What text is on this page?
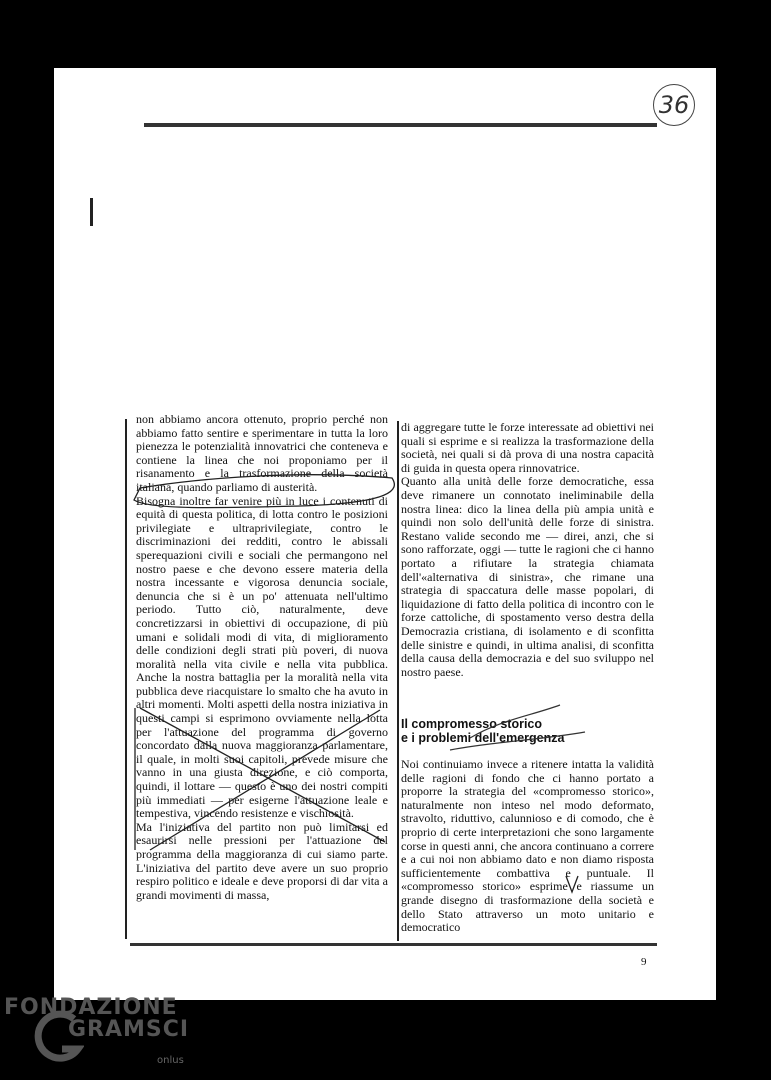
36

non abbiamo ancora ottenuto, proprio perché non abbiamo fatto sentire e sperimentare in tutta la loro pienezza le potenzialità innovatrici che conteneva e contiene la linea che noi proponiamo per il risanamento e la trasformazione della società italiana, quando parliamo di austerità.

Bisogna inoltre far venire più in luce i contenuti di equità di questa politica, di lotta contro le posizioni privilegiate e ultraprivilegiate, contro le discriminazioni dei redditi, contro le abissali sperequazioni civili e sociali che permangono nel nostro paese e che devono essere materia della nostra incessante e vigorosa denuncia sociale, denuncia che si è un po' attenuata nell'ultimo periodo. Tutto ciò, naturalmente, deve concretizzarsi in obiettivi di occupazione, di più umani e solidali modi di vita, di miglioramento delle condizioni degli strati più poveri, di nuova moralità nella vita civile e nella vita pubblica. Anche la nostra battaglia per la moralità nella vita pubblica deve riacquistare lo smalto che ha avuto in altri momenti. Molti aspetti della nostra iniziativa in questi campi si esprimono ovviamente nella lotta per l'attuazione del programma di governo concordato dalla nuova maggioranza parlamentare, il quale, in molti suoi capitoli, prevede misure che vanno in una giusta direzione, e ciò comporta, quindi, il lottare — questo è uno dei nostri compiti più immediati — per esigerne l'attuazione leale e tempestiva, vincendo resistenze e vischiosità.

Ma l'iniziativa del partito non può limitarsi ed esaurirsi nelle pressioni per l'attuazione del programma della maggioranza di cui siamo parte. L'iniziativa del partito deve avere un suo proprio respiro politico e ideale e deve proporsi di dar vita a grandi movimenti di massa,

di aggregare tutte le forze interessate ad obiettivi nei quali si esprime e si realizza la trasformazione della società, nei quali si dà prova di una nostra capacità di guida in questa opera rinnovatrice.

Quanto alla unità delle forze democratiche, essa deve rimanere un connotato ineliminabile della nostra linea: dico la linea della più ampia unità e quindi non solo dell'unità delle forze di sinistra. Restano valide secondo me — direi, anzi, che si sono rafforzate, oggi — tutte le ragioni che ci hanno portato a rifiutare la strategia chiamata dell'«alternativa di sinistra», che rimane una strategia di spaccatura delle masse popolari, di liquidazione di fatto della politica di incontro con le forze cattoliche, di spostamento verso destra della Democrazia cristiana, di isolamento e di sconfitta delle sinistre e quindi, in ultima analisi, di sconfitta della causa della democrazia e del suo sviluppo nel nostro paese.

Il compromesso storico
e i problemi dell'emergenza

Noi continuiamo invece a ritenere intatta la validità delle ragioni di fondo che ci hanno portato a proporre la strategia del «compromesso storico», naturalmente non inteso nel modo deformato, stravolto, riduttivo, calunnioso e di comodo, che è proprio di certe interpretazioni che sono largamente corse in questi anni, che ancora continuano a correre e a cui noi non abbiamo dato e non diamo risposta sufficientemente combattiva e puntuale. Il «compromesso storico» esprime e riassume un grande disegno di trasformazione della società e dello Stato attraverso un moto unitario e democratico

9
FONDAZIONE
GRAMSCI
onlus
